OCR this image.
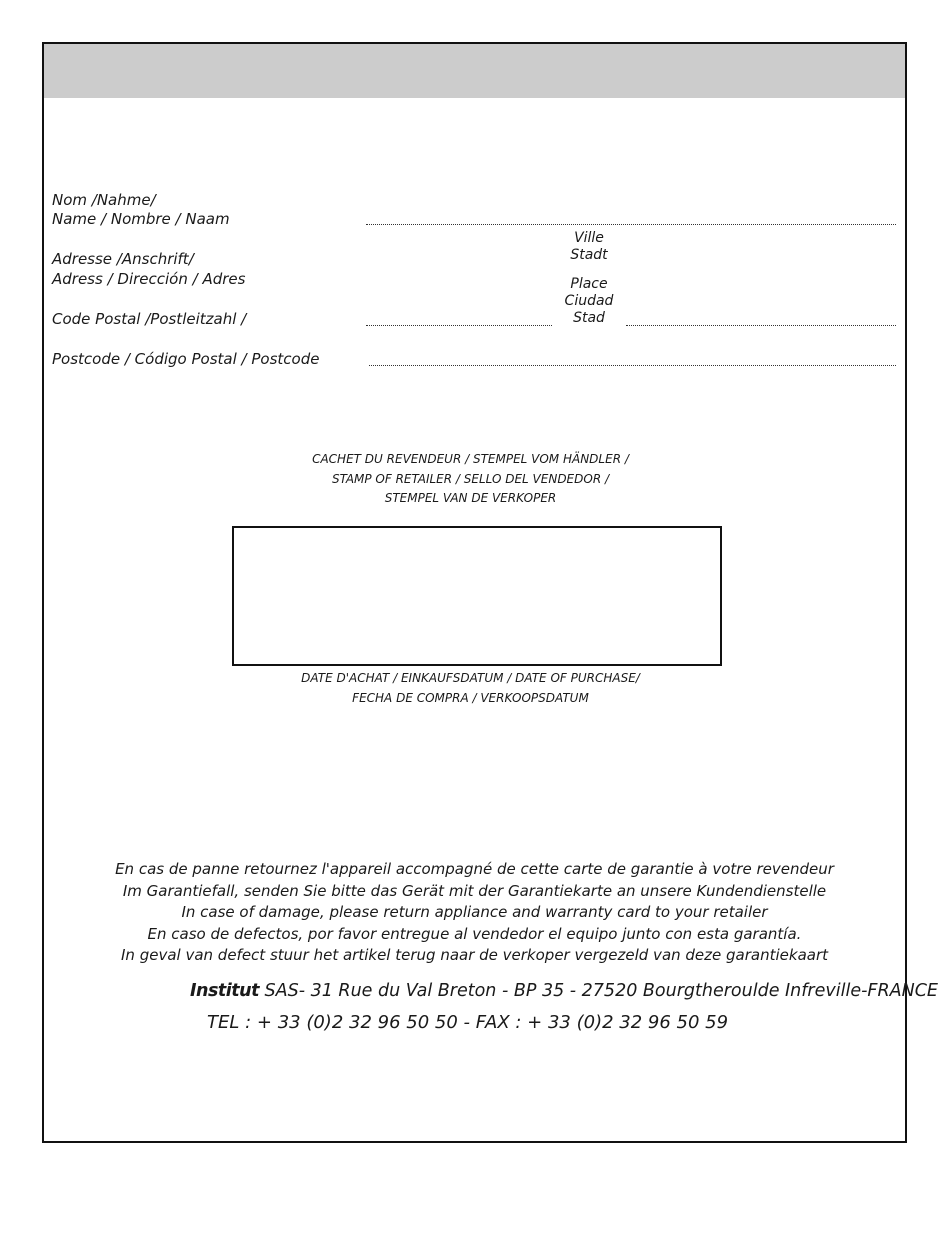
Nom /Nahme/
Name / Nombre / Naam
Adresse /Anschrift/
Adress / Dirección / Adres
Ville
Stadt
Place
Ciudad
Stad
Code Postal /Postleitzahl /
Postcode / Código Postal / Postcode
CACHET DU REVENDEUR / STEMPEL VOM HÄNDLER /
STAMP OF RETAILER / SELLO DEL VENDEDOR /
STEMPEL VAN DE VERKOPER
DATE D'ACHAT / EINKAUFSDATUM / DATE OF PURCHASE/
FECHA DE COMPRA / VERKOOPSDATUM
En cas de panne retournez l'appareil accompagné de cette carte de garantie à votre revendeur
Im Garantiefall, senden Sie bitte das Gerät mit der Garantiekarte an unsere Kundendienstelle
In case of damage, please return appliance and warranty card to your retailer
En caso de defectos, por favor entregue al vendedor el equipo junto con esta garantía.
In geval van defect stuur het artikel terug naar de verkoper vergezeld van deze garantiekaart
Institut SAS- 31 Rue du Val Breton - BP 35 - 27520 Bourgtheroulde Infreville-FRANCE
TEL : + 33 (0)2 32 96 50 50 - FAX : + 33 (0)2 32 96 50 59
